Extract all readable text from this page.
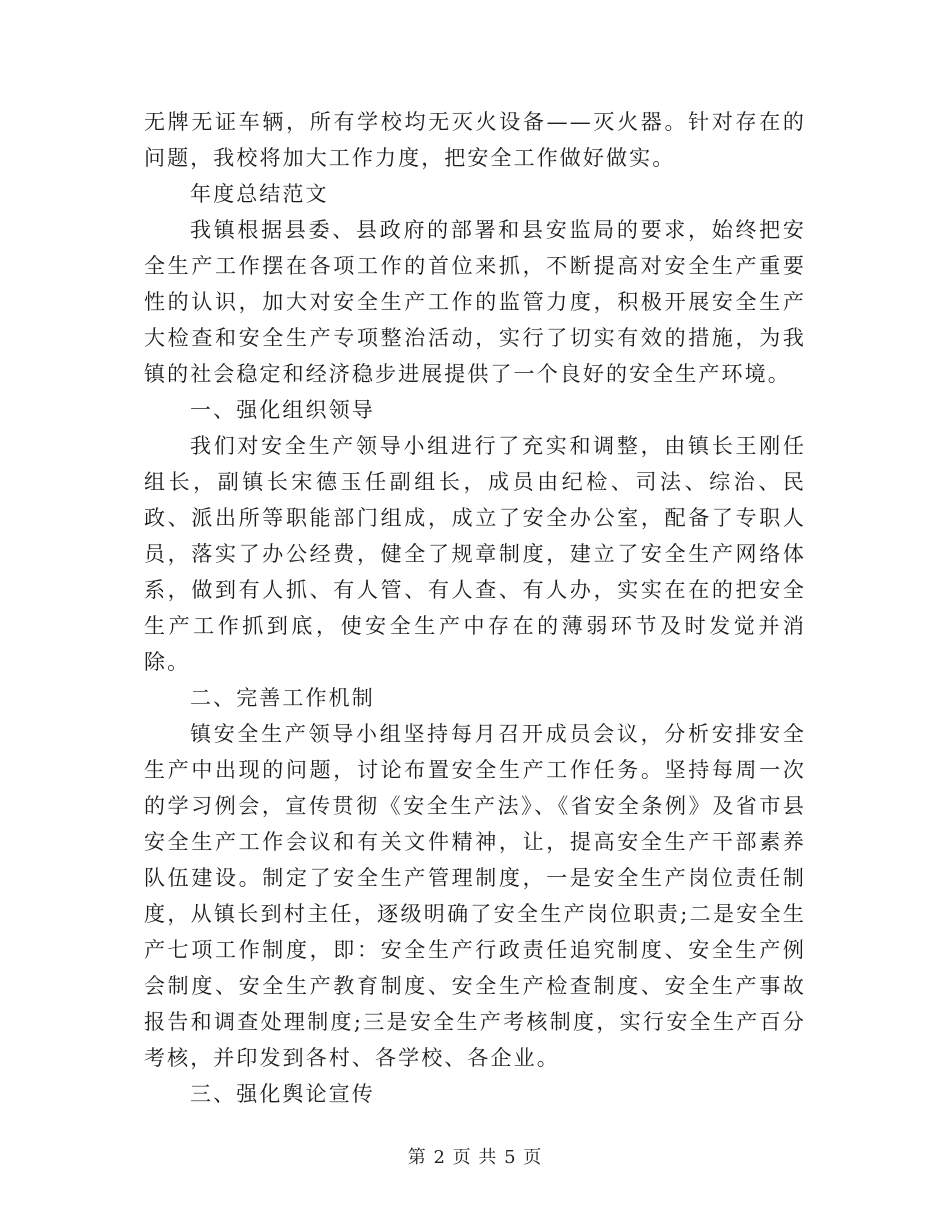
无牌无证车辆，所有学校均无灭火设备——灭火器。针对存在的问题，我校将加大工作力度，把安全工作做好做实。

年度总结范文

我镇根据县委、县政府的部署和县安监局的要求，始终把安全生产工作摆在各项工作的首位来抓，不断提高对安全生产重要性的认识，加大对安全生产工作的监管力度，积极开展安全生产大检查和安全生产专项整治活动，实行了切实有效的措施，为我镇的社会稳定和经济稳步进展提供了一个良好的安全生产环境。

一、强化组织领导

我们对安全生产领导小组进行了充实和调整，由镇长王刚任组长，副镇长宋德玉任副组长，成员由纪检、司法、综治、民政、派出所等职能部门组成，成立了安全办公室，配备了专职人员，落实了办公经费，健全了规章制度，建立了安全生产网络体系，做到有人抓、有人管、有人查、有人办，实实在在的把安全生产工作抓到底，使安全生产中存在的薄弱环节及时发觉并消除。

二、完善工作机制

镇安全生产领导小组坚持每月召开成员会议，分析安排安全生产中出现的问题，讨论布置安全生产工作任务。坚持每周一次的学习例会，宣传贯彻《安全生产法》、《省安全条例》及省市县安全生产工作会议和有关文件精神，让，提高安全生产干部素养队伍建设。制定了安全生产管理制度，一是安全生产岗位责任制度，从镇长到村主任，逐级明确了安全生产岗位职责;二是安全生产七项工作制度，即：安全生产行政责任追究制度、安全生产例会制度、安全生产教育制度、安全生产检查制度、安全生产事故报告和调查处理制度;三是安全生产考核制度，实行安全生产百分考核，并印发到各村、各学校、各企业。

三、强化舆论宣传

第 2 页 共 5 页
